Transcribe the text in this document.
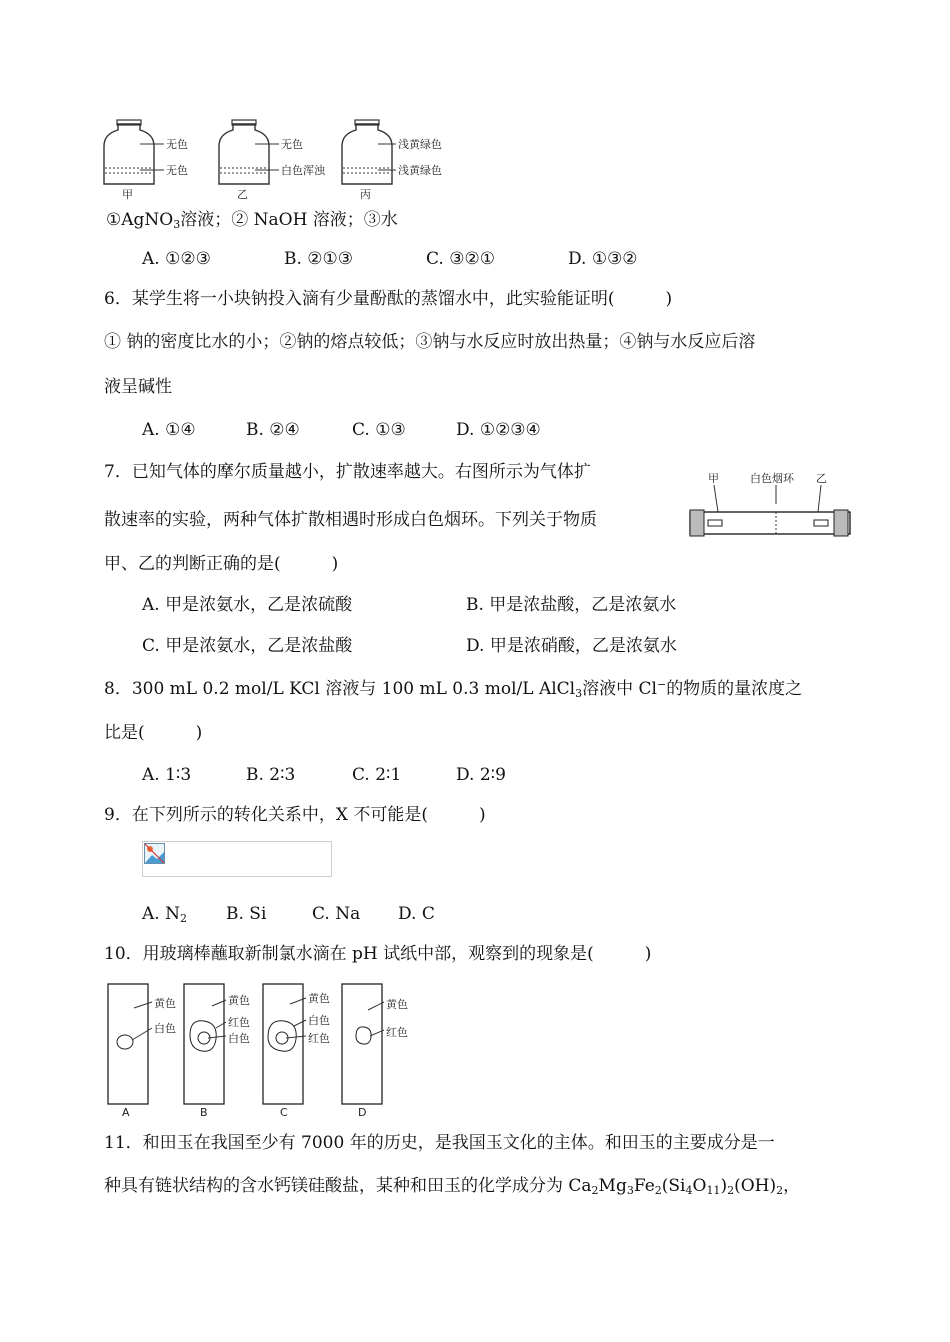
无色
无色
甲
无色
白色浑浊
乙
浅黄绿色
浅黄绿色
丙
①AgNO$_3$溶液；② NaOH 溶液；③水
A. ①②③	B. ②①③	C. ③②①	D. ①③②
6．某学生将一小块钠投入滴有少量酚酞的蒸馏水中，此实验能证明(　　　)
① 钠的密度比水的小；②钠的熔点较低；③钠与水反应时放出热量；④钠与水反应后溶
液呈碱性
A. ①④	B. ②④	C. ①③	D. ①②③④
7．已知气体的摩尔质量越小，扩散速率越大。右图所示为气体扩
散速率的实验，两种气体扩散相遇时形成白色烟环。下列关于物质
甲、乙的判断正确的是(　　　)
甲	白色烟环 乙
A. 甲是浓氨水，乙是浓硫酸	B. 甲是浓盐酸，乙是浓氨水
C. 甲是浓氨水，乙是浓盐酸	D. 甲是浓硝酸，乙是浓氨水
8．300 mL 0.2 mol/L KCl 溶液与 100 mL 0.3 mol/L AlCl$_3$溶液中 Cl−的物质的量浓度之
比是(　　　)
A. 1∶3	B. 2∶3	C. 2∶1	D. 2∶9
9．在下列所示的转化关系中，X 不可能是(　　　)
A. $N_2$ B. Si	C. Na D. C
10．用玻璃棒蘸取新制氯水滴在 pH 试纸中部，观察到的现象是(　　　)
黄色
白色
A
黄色
红色
白色
B
黄色
白色
红色
C
黄色
红色
D
11．和田玉在我国至少有 7000 年的历史，是我国玉文化的主体。和田玉的主要成分是一
种具有链状结构的含水钙镁硅酸盐，某种和田玉的化学成分为 $Ca_2Mg_3Fe_2(Si_4O_{11})_2(OH)_2$，
